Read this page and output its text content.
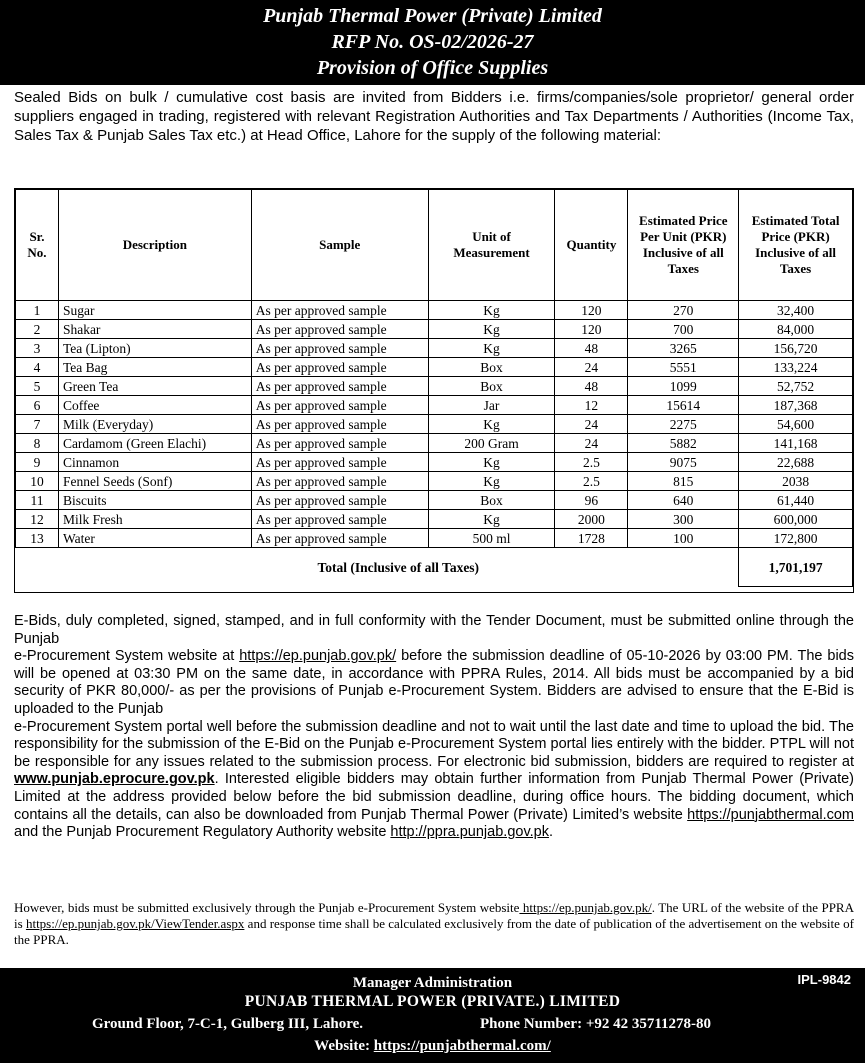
Punjab Thermal Power (Private) Limited
RFP No. OS-02/2026-27
Provision of Office Supplies
Sealed Bids on bulk / cumulative cost basis are invited from Bidders i.e. firms/companies/sole proprietor/ general order suppliers engaged in trading, registered with relevant Registration Authorities and Tax Departments / Authorities (Income Tax, Sales Tax & Punjab Sales Tax etc.) at Head Office, Lahore for the supply of the following material:
Sr. No.	Description	Sample	Unit of Measurement	Quantity	Estimated Price Per Unit (PKR) Inclusive of all Taxes	Estimated Total Price (PKR) Inclusive of all Taxes
1	Sugar	As per approved sample	Kg	120	270	32,400
2	Shakar	As per approved sample	Kg	120	700	84,000
3	Tea (Lipton)	As per approved sample	Kg	48	3265	156,720
4	Tea Bag	As per approved sample	Box	24	5551	133,224
5	Green Tea	As per approved sample	Box	48	1099	52,752
6	Coffee	As per approved sample	Jar	12	15614	187,368
7	Milk (Everyday)	As per approved sample	Kg	24	2275	54,600
8	Cardamom (Green Elachi)	As per approved sample	200 Gram	24	5882	141,168
9	Cinnamon	As per approved sample	Kg	2.5	9075	22,688
10	Fennel Seeds (Sonf)	As per approved sample	Kg	2.5	815	2038
11	Biscuits	As per approved sample	Box	96	640	61,440
12	Milk Fresh	As per approved sample	Kg	2000	300	600,000
13	Water	As per approved sample	500 ml	1728	100	172,800
	Total (Inclusive of all Taxes)					1,701,197
E-Bids, duly completed, signed, stamped, and in full conformity with the Tender Document, must be submitted online through the Punjab
e-Procurement System website at https://ep.punjab.gov.pk/ before the submission deadline of 05-10-2026 by 03:00 PM. The bids will be opened at 03:30 PM on the same date, in accordance with PPRA Rules, 2014. All bids must be accompanied by a bid security of PKR 80,000/- as per the provisions of Punjab e-Procurement System. Bidders are advised to ensure that the E-Bid is uploaded to the Punjab
e-Procurement System portal well before the submission deadline and not to wait until the last date and time to upload the bid. The responsibility for the submission of the E-Bid on the Punjab e-Procurement System portal lies entirely with the bidder. PTPL will not be responsible for any issues related to the submission process. For electronic bid submission, bidders are required to register at www.punjab.eprocure.gov.pk. Interested eligible bidders may obtain further information from Punjab Thermal Power (Private) Limited at the address provided below before the bid submission deadline, during office hours. The bidding document, which contains all the details, can also be downloaded from Punjab Thermal Power (Private) Limited’s website https://punjabthermal.com and the Punjab Procurement Regulatory Authority website http://ppra.punjab.gov.pk.
However, bids must be submitted exclusively through the Punjab e-Procurement System website https://ep.punjab.gov.pk/. The URL of the website of the PPRA is https://ep.punjab.gov.pk/ViewTender.aspx and response time shall be calculated exclusively from the date of publication of the advertisement on the website of the PPRA.
Manager Administration	IPL-9842
PUNJAB THERMAL POWER (PRIVATE.) LIMITED
Ground Floor, 7-C-1, Gulberg III, Lahore.	Phone Number: +92 42 35711278-80
Website: https://punjabthermal.com/
